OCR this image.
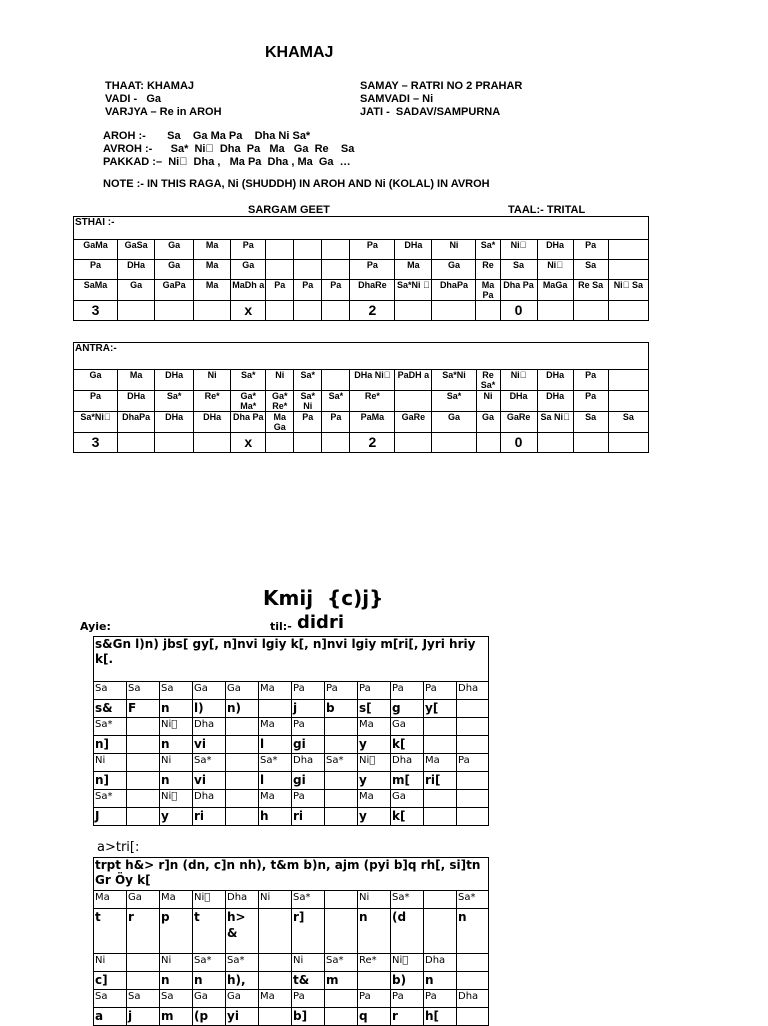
KHAMAJ
THAAT: KHAMAJ
VADI -   Ga
VARJYA – Re in AROH
SAMAY – RATRI NO 2 PRAHAR
SAMVADI – Ni
JATI -  SADAV/SAMPURNA
AROH :-       Sa    Ga Ma Pa    Dha Ni Sa*
AVROH :-      Sa*  Ni   Dha  Pa   Ma   Ga  Re    Sa
PAKKAD :–  Ni   Dha ,   Ma Pa  Dha , Ma  Ga  …
NOTE :- IN THIS RAGA, Ni (SHUDDH) IN AROH AND Ni (KOLAL) IN AVROH
SARGAM GEET	TAAL:- TRITAL
STHAI :-															
GaMa	GaSa	Ga	Ma	Pa				Pa	DHa	Ni	Sa*	Ni 	DHa	Pa	
Pa	DHa	Ga	Ma	Ga				Pa	Ma	Ga	Re	Sa	Ni 	Sa	
SaMa	Ga	GaPa	Ma	MaDh a	Pa	Pa	Pa	DhaRe	Sa*Ni  	DhaPa	Ma Pa	Dha Pa	MaGa	Re Sa	Ni  Sa
3				x				2				0			
ANTRA:-															
Ga	Ma	DHa	Ni	Sa*	Ni	Sa*		DHa Ni 	PaDH a	Sa*Ni	Re Sa*	Ni 	DHa	Pa	
Pa	DHa	Sa*	Re*	Ga* Ma*	Ga* Re*	Sa* Ni	Sa*	Re*		Sa*	Ni	DHa	DHa	Pa	
Sa*Ni 	DhaPa	DHa	DHa	Dha Pa	Ma Ga	Pa	Pa	PaMa	GaRe	Ga	Ga	GaRe	Sa Ni 	Sa	Sa
3				x				2				0			
Kmij  {c)j}
Ayie:	til:- didri
s&Gn l)n) jbs[ gy[, n]nvi lgiy k[, n]nvi lgiy m[ri[, Jyri hriy k[.											
Sa	Sa	Sa	Ga	Ga	Ma	Pa	Pa	Pa	Pa	Pa	Dha
s&	F	n	l)	n)		j	b	s[	g	y[	
Sa*		Ni 	Dha		Ma	Pa		Ma	Ga		
n]		n	vi		l	gi		y	k[		
Ni		Ni	Sa*		Sa*	Dha	Sa*	Ni 	Dha	Ma	Pa
n]		n	vi		l	gi		y	m[	ri[	
Sa*		Ni 	Dha		Ma	Pa		Ma	Ga		
J		y	ri		h	ri		y	k[		
a>tri[:
trpt h&> r]n (dn, c]n nh), t&m b)n, ajm (pyi b]q rh[, si]tn Gr Öy k[											
Ma	Ga	Ma	Ni 	Dha	Ni	Sa*		Ni	Sa*		Sa*
t	r	p	t	h> &		r]		n	(d		n
Ni		Ni	Sa*	Sa*		Ni	Sa*	Re*	Ni 	Dha	
c]		n	n	h),		t&	m		b)	n	
Sa	Sa	Sa	Ga	Ga	Ma	Pa		Pa	Pa	Pa	Dha
a	j	m	(p	yi		b]		q	r	h[	
